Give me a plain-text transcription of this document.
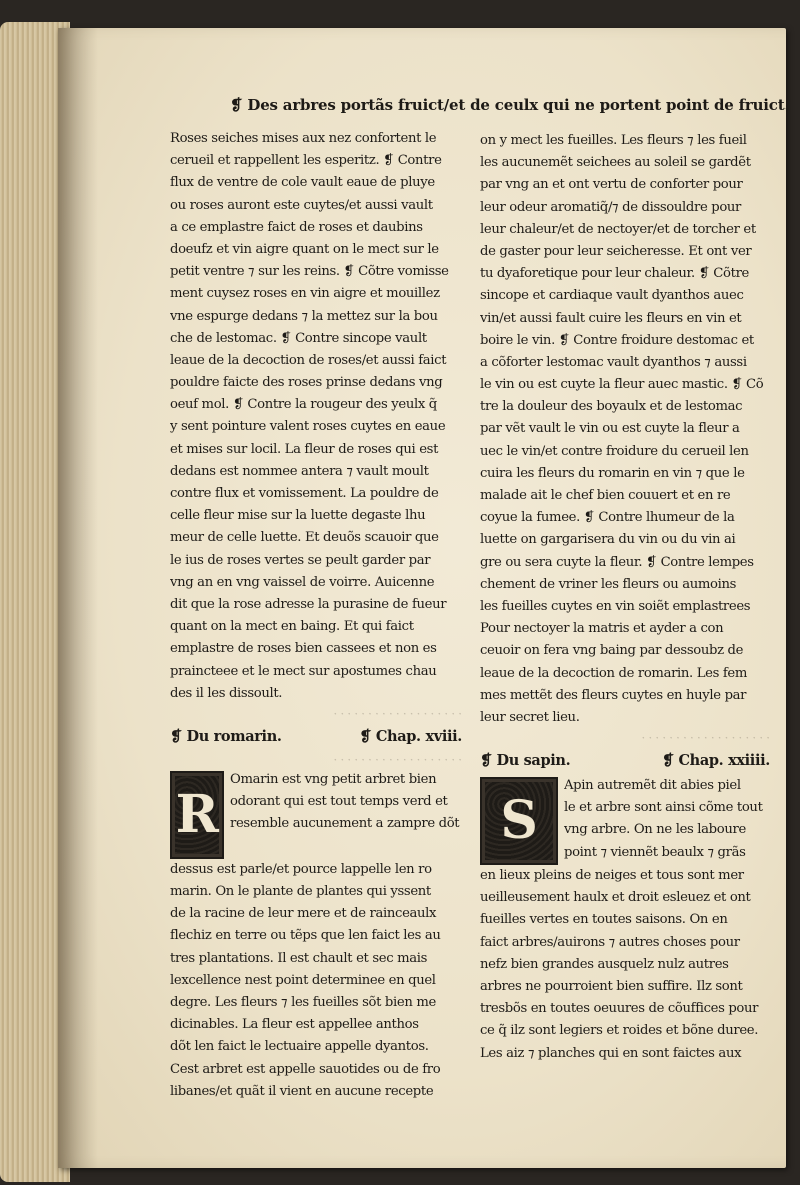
❡ Des arbres portãs fruict/et de ceulx qui ne portent point de fruict.
Roses seiches mises aux nez confortent le
cerueil et rappellent les esperitz. ❡ Contre
flux de ventre de cole vault eaue de pluye
ou roses auront este cuytes/et aussi vault
a ce emplastre faict de roses et daubins
doeufz et vin aigre quant on le mect sur le
petit ventre ⁊ sur les reins. ❡ Cõtre vomisse
ment cuysez roses en vin aigre et mouillez
vne espurge dedans ⁊ la mettez sur la bou
che de lestomac. ❡ Contre sincope vault
leaue de la decoction de roses/et aussi faict
pouldre faicte des roses prinse dedans vng
oeuf mol. ❡ Contre la rougeur des yeulx q̃
y sent pointure valent roses cuytes en eaue
et mises sur locil. La fleur de roses qui est
dedans est nommee antera ⁊ vault moult
contre flux et vomissement. La pouldre de
celle fleur mise sur la luette degaste lhu
meur de celle luette. Et deuõs scauoir que
le ius de roses vertes se peult garder par
vng an en vng vaissel de voirre. Auicenne
dit que la rose adresse la purasine de fueur
quant on la mect en baing. Et qui faict
emplastre de roses bien cassees et non es
praincteee et le mect sur apostumes chau
des il les dissoult.
· · · · · · · · · · · · · · · · · · ·
❡ Du romarin.	❡ Chap. xviii.
· · · · · · · · · · · · · · · · · · ·
R
Omarin est vng petit arbret bien
odorant qui est tout temps verd et
resemble aucunement a zampre dõt
dessus est parle/et pource lappelle len ro
marin. On le plante de plantes qui yssent
de la racine de leur mere et de rainceaulx
flechiz en terre ou tẽps que len faict les au
tres plantations. Il est chault et sec mais
lexcellence nest point determinee en quel
degre. Les fleurs ⁊ les fueilles sõt bien me
dicinables. La fleur est appellee anthos
dõt len faict le lectuaire appelle dyantos.
Cest arbret est appelle sauotides ou de fro
libanes/et quãt il vient en aucune recepte
on y mect les fueilles. Les fleurs ⁊ les fueil
les aucunemẽt seichees au soleil se gardẽt
par vng an et ont vertu de conforter pour
leur odeur aromatiq̃/⁊ de dissouldre pour
leur chaleur/et de nectoyer/et de torcher et
de gaster pour leur seicheresse. Et ont ver
tu dyaforetique pour leur chaleur. ❡ Cõtre
sincope et cardiaque vault dyanthos auec
vin/et aussi fault cuire les fleurs en vin et
boire le vin. ❡ Contre froidure destomac et
a cõforter lestomac vault dyanthos ⁊ aussi
le vin ou est cuyte la fleur auec mastic. ❡ Cõ
tre la douleur des boyaulx et de lestomac
par vẽt vault le vin ou est cuyte la fleur a
uec le vin/et contre froidure du cerueil len
cuira les fleurs du romarin en vin ⁊ que le
malade ait le chef bien couuert et en re
coyue la fumee. ❡ Contre lhumeur de la
luette on gargarisera du vin ou du vin ai
gre ou sera cuyte la fleur. ❡ Contre lempes
chement de vriner les fleurs ou aumoins
les fueilles cuytes en vin soiẽt emplastrees
Pour nectoyer la matris et ayder a con
ceuoir on fera vng baing par dessoubz de
leaue de la decoction de romarin. Les fem
mes mettẽt des fleurs cuytes en huyle par
leur secret lieu.
· · · · · · · · · · · · · · · · · · ·
❡ Du sapin.	❡ Chap. xxiiii.
S
Apin autremẽt dit abies piel
le et arbre sont ainsi cõme tout
vng arbre. On ne les laboure
point ⁊ viennẽt beaulx ⁊ grãs
en lieux pleins de neiges et tous sont mer
ueilleusement haulx et droit esleuez et ont
fueilles vertes en toutes saisons. On en
faict arbres/auirons ⁊ autres choses pour
nefz bien grandes ausquelz nulz autres
arbres ne pourroient bien suffire. Ilz sont
tresbõs en toutes oeuures de cõuffices pour
ce q̃ ilz sont legiers et roides et bõne duree.
Les aiz ⁊ planches qui en sont faictes aux
